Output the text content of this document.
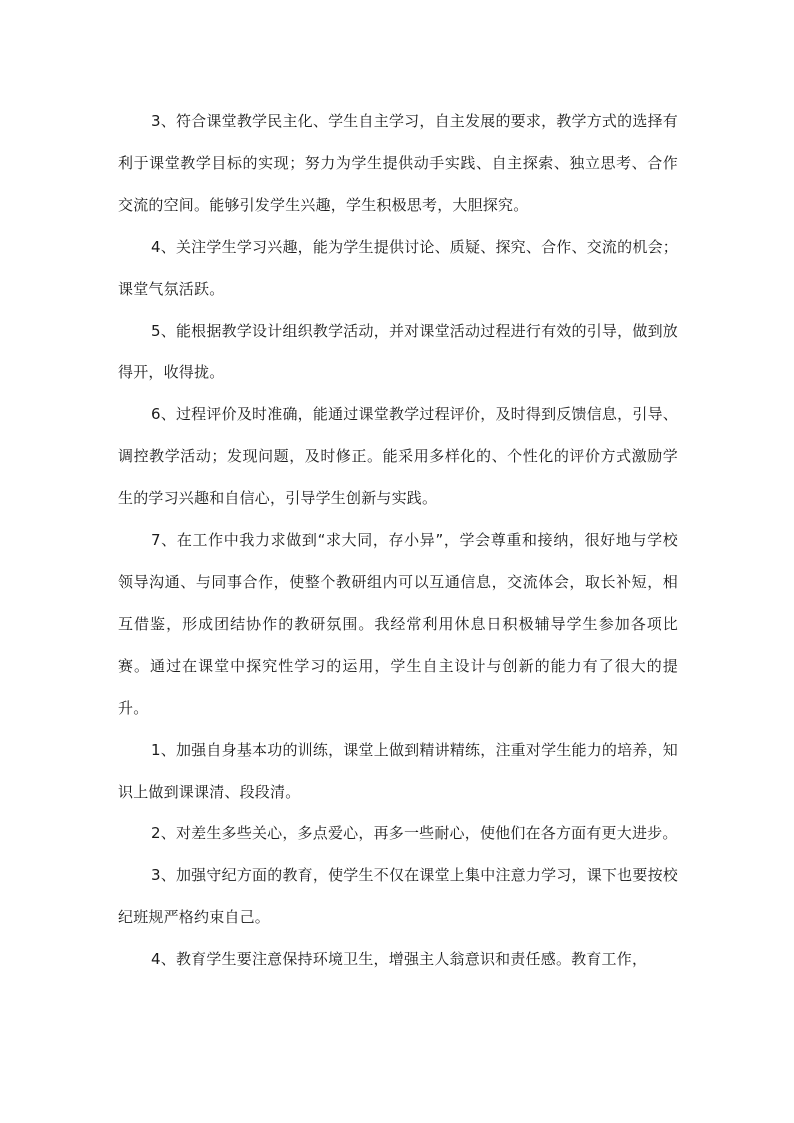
3、符合课堂教学民主化、学生自主学习，自主发展的要求，教学方式的选择有利于课堂教学目标的实现；努力为学生提供动手实践、自主探索、独立思考、合作交流的空间。能够引发学生兴趣，学生积极思考，大胆探究。

4、关注学生学习兴趣，能为学生提供讨论、质疑、探究、合作、交流的机会；课堂气氛活跃。

5、能根据教学设计组织教学活动，并对课堂活动过程进行有效的引导，做到放得开，收得拢。

6、过程评价及时准确，能通过课堂教学过程评价，及时得到反馈信息，引导、调控教学活动；发现问题，及时修正。能采用多样化的、个性化的评价方式激励学生的学习兴趣和自信心，引导学生创新与实践。

7、在工作中我力求做到“求大同，存小异”，学会尊重和接纳，很好地与学校领导沟通、与同事合作，使整个教研组内可以互通信息，交流体会，取长补短，相互借鉴，形成团结协作的教研氛围。我经常利用休息日积极辅导学生参加各项比赛。通过在课堂中探究性学习的运用，学生自主设计与创新的能力有了很大的提升。

1、加强自身基本功的训练，课堂上做到精讲精练，注重对学生能力的培养，知识上做到课课清、段段清。

2、对差生多些关心，多点爱心，再多一些耐心，使他们在各方面有更大进步。

3、加强守纪方面的教育，使学生不仅在课堂上集中注意力学习，课下也要按校纪班规严格约束自己。

4、教育学生要注意保持环境卫生，增强主人翁意识和责任感。教育工作，
